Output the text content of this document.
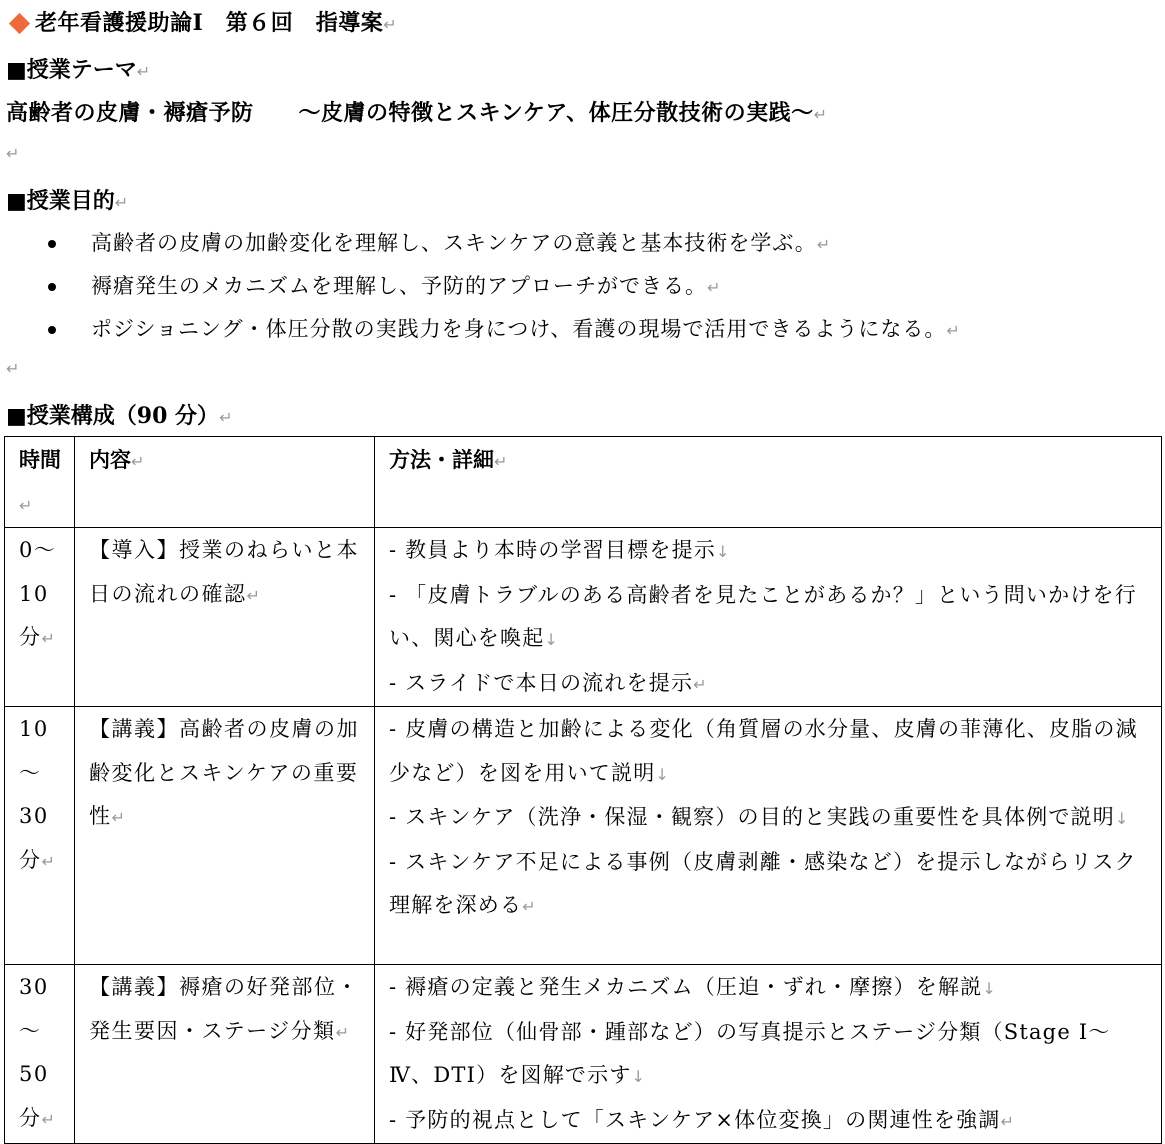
老年看護援助論Ⅰ　第６回　指導案↵
■授業テーマ↵
高齢者の皮膚・褥瘡予防　　～皮膚の特徴とスキンケア、体圧分散技術の実践～↵
↵
■授業目的↵
高齢者の皮膚の加齢変化を理解し、スキンケアの意義と基本技術を学ぶ。↵
褥瘡発生のメカニズムを理解し、予防的アプローチができる。↵
ポジショニング・体圧分散の実践力を身につけ、看護の現場で活用できるようになる。↵
↵
■授業構成（90 分）↵
時間↵	内容↵	方法・詳細↵
0～10分↵	【導入】授業のねらいと本日の流れの確認↵	- 教員より本時の学習目標を提示↓
- 「皮膚トラブルのある高齢者を見たことがあるか？」という問いかけを行い、関心を喚起↓
- スライドで本日の流れを提示↵

10 ～30 分↵	【講義】高齢者の皮膚の加齢変化とスキンケアの重要性↵	- 皮膚の構造と加齢による変化（角質層の水分量、皮膚の菲薄化、皮脂の減少など）を図を用いて説明↓
- スキンケア（洗浄・保湿・観察）の目的と実践の重要性を具体例で説明↓
- スキンケア不足による事例（皮膚剥離・感染など）を提示しながらリスク理解を深める↵

30 ～50 分↵	【講義】褥瘡の好発部位・発生要因・ステージ分類↵	- 褥瘡の定義と発生メカニズム（圧迫・ずれ・摩擦）を解説↓
- 好発部位（仙骨部・踵部など）の写真提示とステージ分類（Stage Ⅰ～Ⅳ、DTI）を図解で示す↓
- 予防的視点として「スキンケア×体位変換」の関連性を強調↵
